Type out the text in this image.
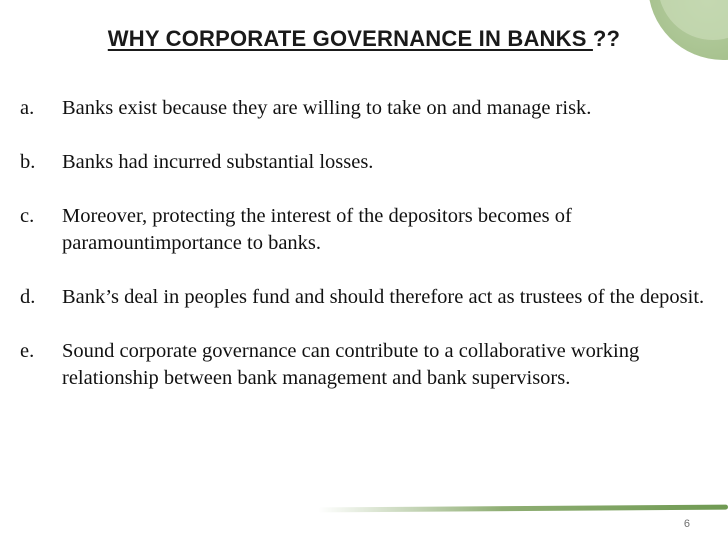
WHY CORPORATE GOVERNANCE IN BANKS ??
a.	Banks exist because they are willing to take on and manage risk.
b.	Banks had incurred substantial losses.
c.	Moreover, protecting the interest of the depositors becomes of paramountimportance to banks.
d.	Bank’s deal in peoples fund and should therefore act as trustees of the deposit.
e.	Sound corporate governance can contribute to a collaborative working relationship between bank management and bank supervisors.
6
